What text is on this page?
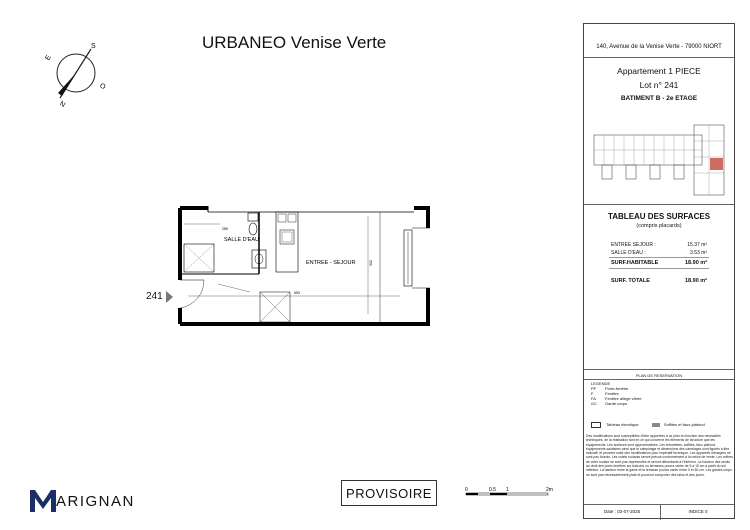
URBANEO Venise Verte
S
E
O
N
SALLE D'EAU
ENTREE - SEJOUR
289
653
302
241
PROVISOIRE	0	0.5 1	2m
ARIGNAN
140, Avenue de la Venise Verte - 79000 NIORT
Appartement 1 PIECE
Lot n° 241
BATIMENT B - 2e ETAGE
TABLEAU DES SURFACES
(compris placards)
ENTREE SEJOUR :	15.37 m²
SALLE D'EAU :	3.53 m²
SURF.HABITABLE	18.90 m²
SURF. TOTALE	18.90 m²
PLAN DE RESERVATION
LEGENDE
PF	Porte-fenêtre
F	Fenêtre
FA	Fenêtre allège vitrée
GC	Garde corps
Tableau électrique	Soffites et faux-plafond
Des modifications sont susceptibles d'être apportées à ce plan en fonction des nécessités techniques, de la réalisation tant en ce qui concerne les éléments de structure que les équipements. Les surfaces sont approximatives. Les retombées, soffites, faux plafond, équipements sanitaires ainsi que le calepinage et dimensions des carrelages sont figurés à titre indicatif, et peuvent subir des modifications pour impératif technique. Les appareils ménagers ne sont pas fournis. Les volets roulants seront prévus conformément à la notice de vente. Les coffres de volet roulant ne sont pas représentés et seront débordants à l'intérieur. La hauteur des seuils au droit des porte-fenêtres sur balcons ou terrasses pourra varier de 5 à 15 cm à partir du sol intérieur. La hauteur entre la gaine et la terrasse pourra varier entre 0 et 60 cm. Les gardes-corps ne sont pas nécessairement plats et pourront comporter des talus et des joues.
Date : 03-07-2025	INDICE 0
